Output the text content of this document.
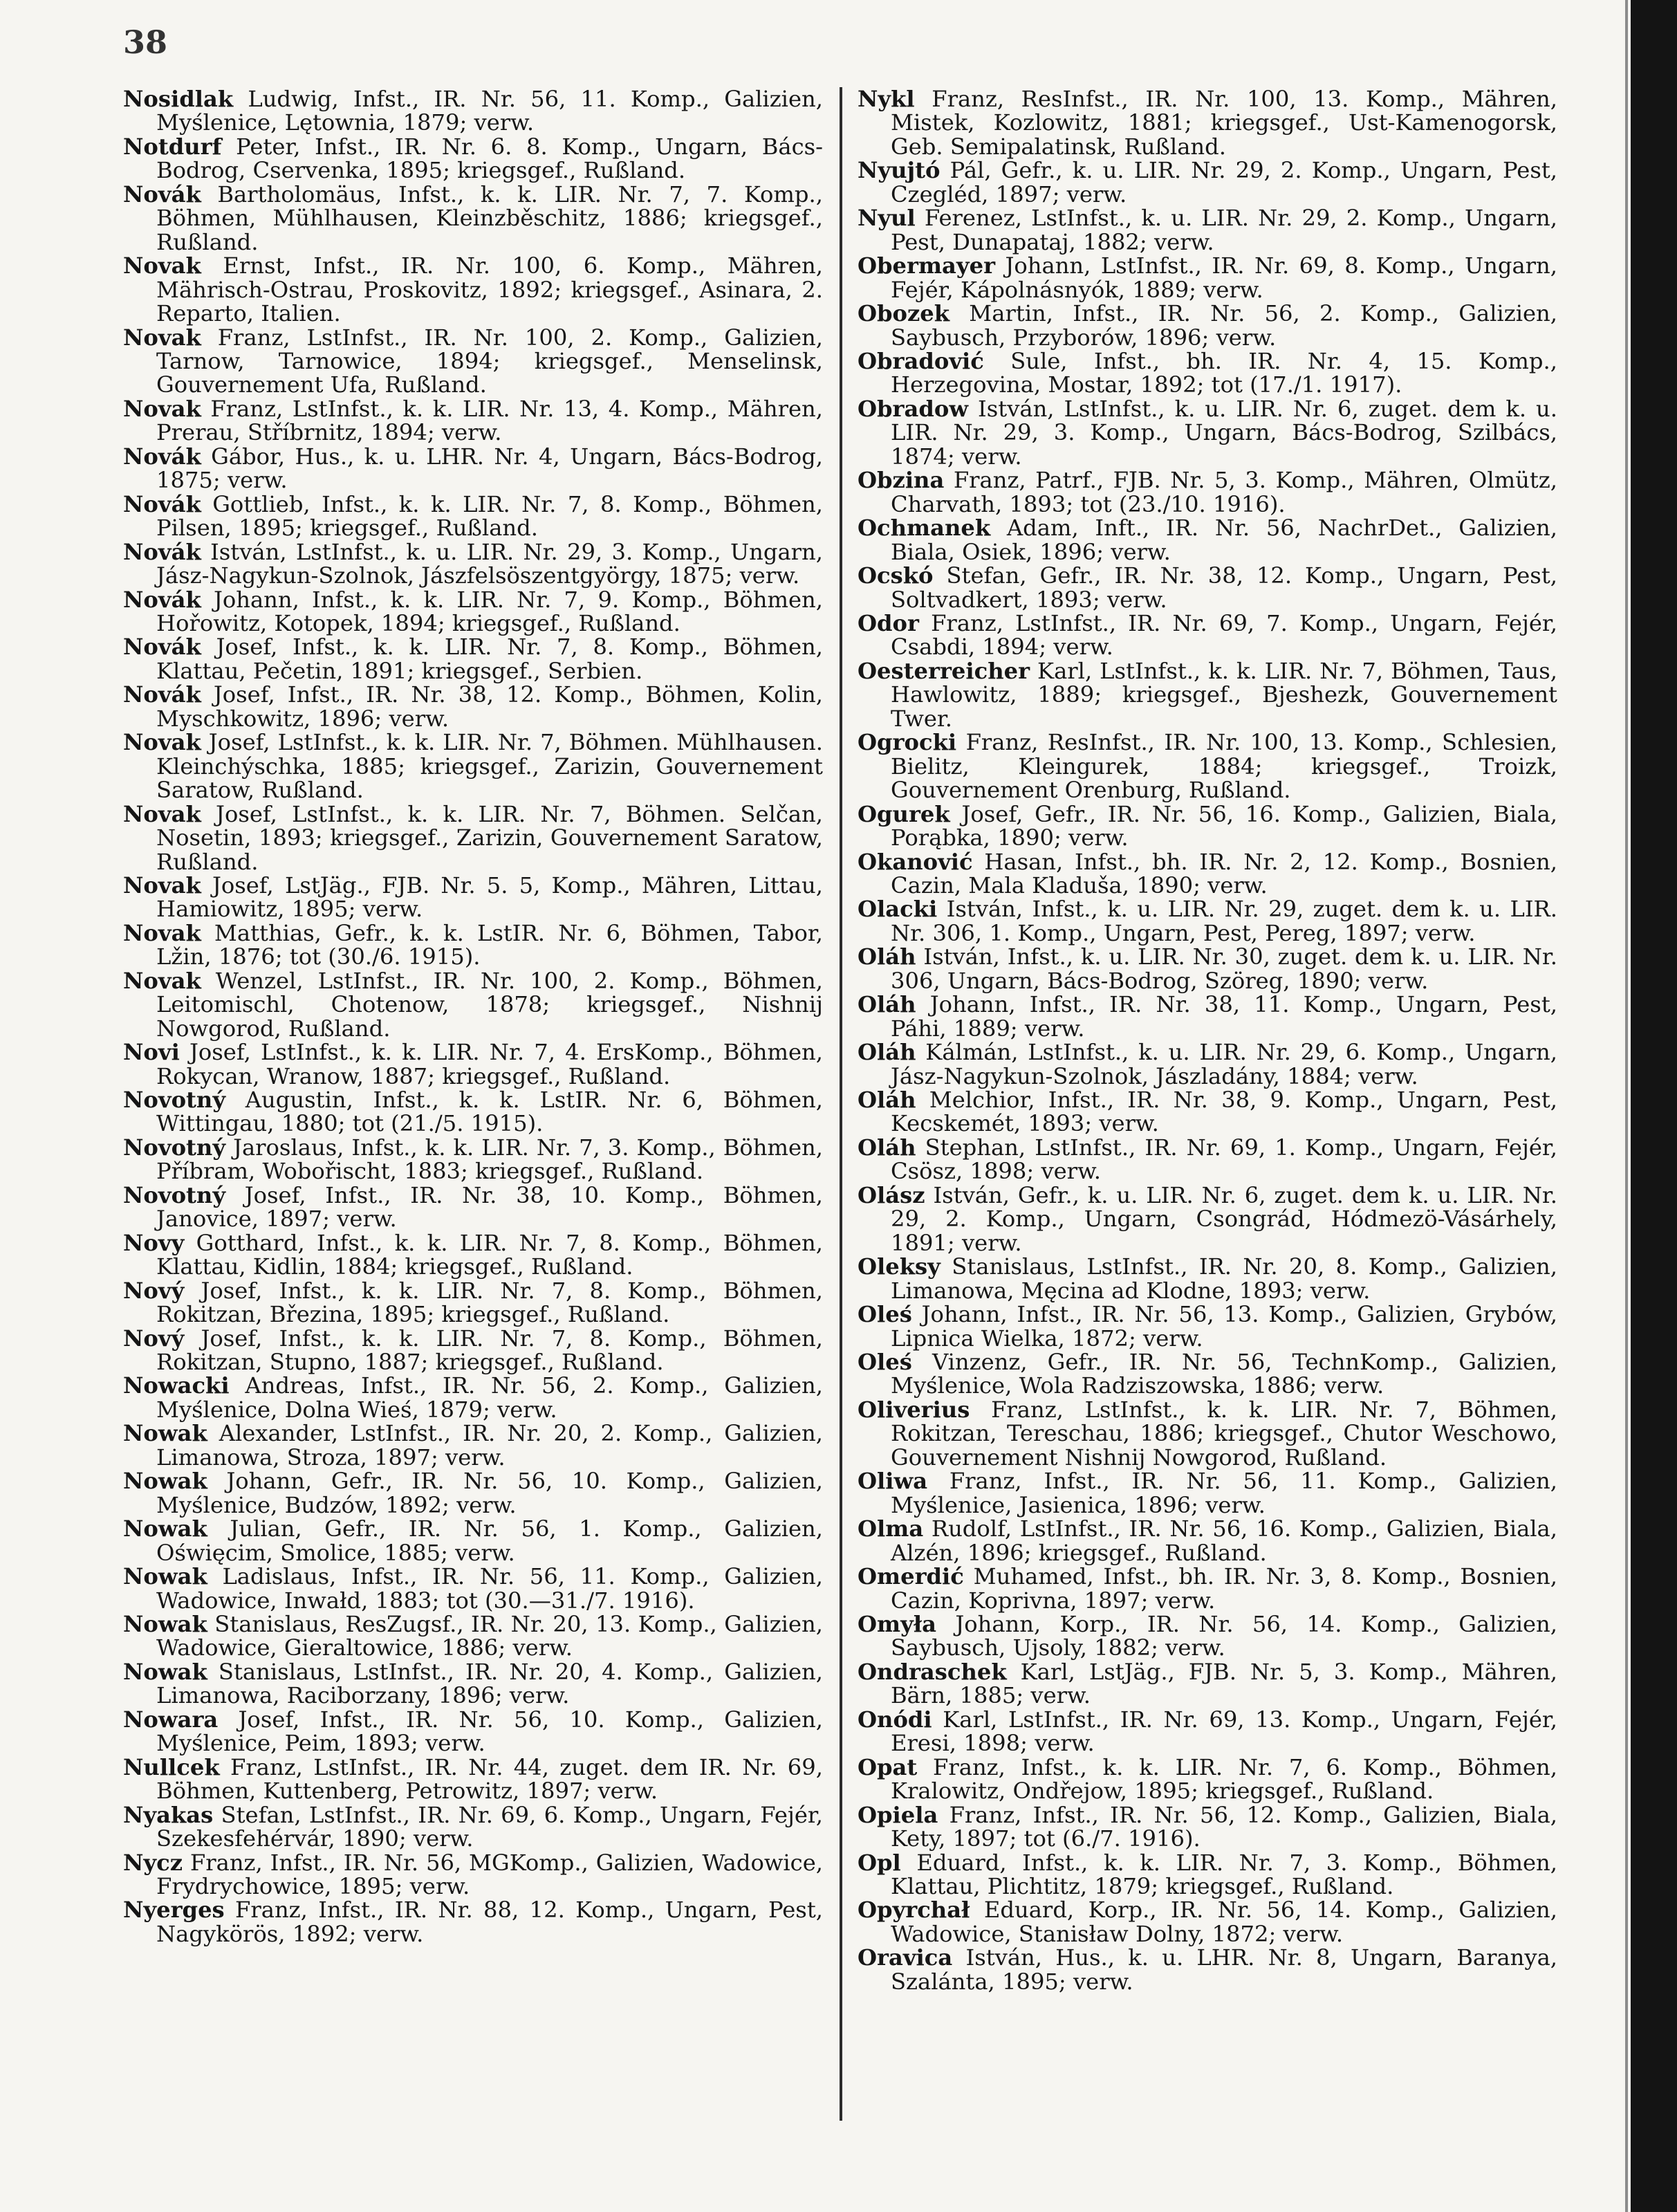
38

Nosidlak Ludwig, Infst., IR. Nr. 56, 11. Komp., Galizien, Myślenice, Lętownia, 1879; verw.

Notdurf Peter, Infst., IR. Nr. 6. 8. Komp., Ungarn, Bács-Bodrog, Cservenka, 1895; kriegsgef., Rußland.

Novák Bartholomäus, Infst., k. k. LIR. Nr. 7, 7. Komp., Böhmen, Mühlhausen, Kleinzběschitz, 1886; kriegsgef., Rußland.

Novak Ernst, Infst., IR. Nr. 100, 6. Komp., Mähren, Mährisch-Ostrau, Proskovitz, 1892; kriegsgef., Asinara, 2. Reparto, Italien.

Novak Franz, LstInfst., IR. Nr. 100, 2. Komp., Galizien, Tarnow, Tarnowice, 1894; kriegsgef., Menselinsk, Gouvernement Ufa, Rußland.

Novak Franz, LstInfst., k. k. LIR. Nr. 13, 4. Komp., Mähren, Prerau, Stříbrnitz, 1894; verw.

Novák Gábor, Hus., k. u. LHR. Nr. 4, Ungarn, Bács-Bodrog, 1875; verw.

Novák Gottlieb, Infst., k. k. LIR. Nr. 7, 8. Komp., Böhmen, Pilsen, 1895; kriegsgef., Rußland.

Novák István, LstInfst., k. u. LIR. Nr. 29, 3. Komp., Ungarn, Jász-Nagykun-Szolnok, Jászfelsöszentgyörgy, 1875; verw.

Novák Johann, Infst., k. k. LIR. Nr. 7, 9. Komp., Böhmen, Hořowitz, Kotopek, 1894; kriegsgef., Rußland.

Novák Josef, Infst., k. k. LIR. Nr. 7, 8. Komp., Böhmen, Klattau, Pečetin, 1891; kriegsgef., Serbien.

Novák Josef, Infst., IR. Nr. 38, 12. Komp., Böhmen, Kolin, Myschkowitz, 1896; verw.

Novak Josef, LstInfst., k. k. LIR. Nr. 7, Böhmen. Mühlhausen. Kleinchýschka, 1885; kriegsgef., Zarizin, Gouvernement Saratow, Rußland.

Novak Josef, LstInfst., k. k. LIR. Nr. 7, Böhmen. Selčan, Nosetin, 1893; kriegsgef., Zarizin, Gouvernement Saratow, Rußland.

Novak Josef, LstJäg., FJB. Nr. 5. 5, Komp., Mähren, Littau, Hamiowitz, 1895; verw.

Novak Matthias, Gefr., k. k. LstIR. Nr. 6, Böhmen, Tabor, Lžin, 1876; tot (30./6. 1915).

Novak Wenzel, LstInfst., IR. Nr. 100, 2. Komp., Böhmen, Leitomischl, Chotenow, 1878; kriegsgef., Nishnij Nowgorod, Rußland.

Novi Josef, LstInfst., k. k. LIR. Nr. 7, 4. ErsKomp., Böhmen, Rokycan, Wranow, 1887; kriegsgef., Rußland.

Novotný Augustin, Infst., k. k. LstIR. Nr. 6, Böhmen, Wittingau, 1880; tot (21./5. 1915).

Novotný Jaroslaus, Infst., k. k. LIR. Nr. 7, 3. Komp., Böhmen, Příbram, Wobořischt, 1883; kriegsgef., Rußland.

Novotný Josef, Infst., IR. Nr. 38, 10. Komp., Böhmen, Janovice, 1897; verw.

Novy Gotthard, Infst., k. k. LIR. Nr. 7, 8. Komp., Böhmen, Klattau, Kidlin, 1884; kriegsgef., Rußland.

Nový Josef, Infst., k. k. LIR. Nr. 7, 8. Komp., Böhmen, Rokitzan, Březina, 1895; kriegsgef., Rußland.

Nový Josef, Infst., k. k. LIR. Nr. 7, 8. Komp., Böhmen, Rokitzan, Stupno, 1887; kriegsgef., Rußland.

Nowacki Andreas, Infst., IR. Nr. 56, 2. Komp., Galizien, Myślenice, Dolna Wieś, 1879; verw.

Nowak Alexander, LstInfst., IR. Nr. 20, 2. Komp., Galizien, Limanowa, Stroza, 1897; verw.

Nowak Johann, Gefr., IR. Nr. 56, 10. Komp., Galizien, Myślenice, Budzów, 1892; verw.

Nowak Julian, Gefr., IR. Nr. 56, 1. Komp., Galizien, Oświęcim, Smolice, 1885; verw.

Nowak Ladislaus, Infst., IR. Nr. 56, 11. Komp., Galizien, Wadowice, Inwałd, 1883; tot (30.—31./7. 1916).

Nowak Stanislaus, ResZugsf., IR. Nr. 20, 13. Komp., Galizien, Wadowice, Gieraltowice, 1886; verw.

Nowak Stanislaus, LstInfst., IR. Nr. 20, 4. Komp., Galizien, Limanowa, Raciborzany, 1896; verw.

Nowara Josef, Infst., IR. Nr. 56, 10. Komp., Galizien, Myślenice, Peim, 1893; verw.

Nullcek Franz, LstInfst., IR. Nr. 44, zuget. dem IR. Nr. 69, Böhmen, Kuttenberg, Petrowitz, 1897; verw.

Nyakas Stefan, LstInfst., IR. Nr. 69, 6. Komp., Ungarn, Fejér, Szekesfehérvár, 1890; verw.

Nycz Franz, Infst., IR. Nr. 56, MGKomp., Galizien, Wadowice, Frydrychowice, 1895; verw.

Nyerges Franz, Infst., IR. Nr. 88, 12. Komp., Ungarn, Pest, Nagykörös, 1892; verw.

Nykl Franz, ResInfst., IR. Nr. 100, 13. Komp., Mähren, Mistek, Kozlowitz, 1881; kriegsgef., Ust-Kamenogorsk, Geb. Semipalatinsk, Rußland.

Nyujtó Pál, Gefr., k. u. LIR. Nr. 29, 2. Komp., Ungarn, Pest, Czegléd, 1897; verw.

Nyul Ferenez, LstInfst., k. u. LIR. Nr. 29, 2. Komp., Ungarn, Pest, Dunapataj, 1882; verw.

Obermayer Johann, LstInfst., IR. Nr. 69, 8. Komp., Ungarn, Fejér, Kápolnásnyók, 1889; verw.

Obozek Martin, Infst., IR. Nr. 56, 2. Komp., Galizien, Saybusch, Przyborów, 1896; verw.

Obradović Sule, Infst., bh. IR. Nr. 4, 15. Komp., Herzegovina, Mostar, 1892; tot (17./1. 1917).

Obradow István, LstInfst., k. u. LIR. Nr. 6, zuget. dem k. u. LIR. Nr. 29, 3. Komp., Ungarn, Bács-Bodrog, Szilbács, 1874; verw.

Obzina Franz, Patrf., FJB. Nr. 5, 3. Komp., Mähren, Olmütz, Charvath, 1893; tot (23./10. 1916).

Ochmanek Adam, Inft., IR. Nr. 56, NachrDet., Galizien, Biala, Osiek, 1896; verw.

Ocskó Stefan, Gefr., IR. Nr. 38, 12. Komp., Ungarn, Pest, Soltvadkert, 1893; verw.

Odor Franz, LstInfst., IR. Nr. 69, 7. Komp., Ungarn, Fejér, Csabdi, 1894; verw.

Oesterreicher Karl, LstInfst., k. k. LIR. Nr. 7, Böhmen, Taus, Hawlowitz, 1889; kriegsgef., Bjeshezk, Gouvernement Twer.

Ogrocki Franz, ResInfst., IR. Nr. 100, 13. Komp., Schlesien, Bielitz, Kleingurek, 1884; kriegsgef., Troizk, Gouvernement Orenburg, Rußland.

Ogurek Josef, Gefr., IR. Nr. 56, 16. Komp., Galizien, Biala, Porąbka, 1890; verw.

Okanović Hasan, Infst., bh. IR. Nr. 2, 12. Komp., Bosnien, Cazin, Mala Kladuša, 1890; verw.

Olacki István, Infst., k. u. LIR. Nr. 29, zuget. dem k. u. LIR. Nr. 306, 1. Komp., Ungarn, Pest, Pereg, 1897; verw.

Oláh István, Infst., k. u. LIR. Nr. 30, zuget. dem k. u. LIR. Nr. 306, Ungarn, Bács-Bodrog, Szöreg, 1890; verw.

Oláh Johann, Infst., IR. Nr. 38, 11. Komp., Ungarn, Pest, Páhi, 1889; verw.

Oláh Kálmán, LstInfst., k. u. LIR. Nr. 29, 6. Komp., Ungarn, Jász-Nagykun-Szolnok, Jászladány, 1884; verw.

Oláh Melchior, Infst., IR. Nr. 38, 9. Komp., Ungarn, Pest, Kecskemét, 1893; verw.

Oláh Stephan, LstInfst., IR. Nr. 69, 1. Komp., Ungarn, Fejér, Csösz, 1898; verw.

Olász István, Gefr., k. u. LIR. Nr. 6, zuget. dem k. u. LIR. Nr. 29, 2. Komp., Ungarn, Csongrád, Hódmezö-Vásárhely, 1891; verw.

Oleksy Stanislaus, LstInfst., IR. Nr. 20, 8. Komp., Galizien, Limanowa, Męcina ad Klodne, 1893; verw.

Oleś Johann, Infst., IR. Nr. 56, 13. Komp., Galizien, Grybów, Lipnica Wielka, 1872; verw.

Oleś Vinzenz, Gefr., IR. Nr. 56, TechnKomp., Galizien, Myślenice, Wola Radziszowska, 1886; verw.

Oliverius Franz, LstInfst., k. k. LIR. Nr. 7, Böhmen, Rokitzan, Tereschau, 1886; kriegsgef., Chutor Weschowo, Gouvernement Nishnij Nowgorod, Rußland.

Oliwa Franz, Infst., IR. Nr. 56, 11. Komp., Galizien, Myślenice, Jasienica, 1896; verw.

Olma Rudolf, LstInfst., IR. Nr. 56, 16. Komp., Galizien, Biala, Alzén, 1896; kriegsgef., Rußland.

Omerdić Muhamed, Infst., bh. IR. Nr. 3, 8. Komp., Bosnien, Cazin, Koprivna, 1897; verw.

Omyła Johann, Korp., IR. Nr. 56, 14. Komp., Galizien, Saybusch, Ujsoly, 1882; verw.

Ondraschek Karl, LstJäg., FJB. Nr. 5, 3. Komp., Mähren, Bärn, 1885; verw.

Onódi Karl, LstInfst., IR. Nr. 69, 13. Komp., Ungarn, Fejér, Eresi, 1898; verw.

Opat Franz, Infst., k. k. LIR. Nr. 7, 6. Komp., Böhmen, Kralowitz, Ondřejow, 1895; kriegsgef., Rußland.

Opiela Franz, Infst., IR. Nr. 56, 12. Komp., Galizien, Biala, Kety, 1897; tot (6./7. 1916).

Opl Eduard, Infst., k. k. LIR. Nr. 7, 3. Komp., Böhmen, Klattau, Plichtitz, 1879; kriegsgef., Rußland.

Opyrchał Eduard, Korp., IR. Nr. 56, 14. Komp., Galizien, Wadowice, Stanisław Dolny, 1872; verw.

Oravica István, Hus., k. u. LHR. Nr. 8, Ungarn, Baranya, Szalánta, 1895; verw.
